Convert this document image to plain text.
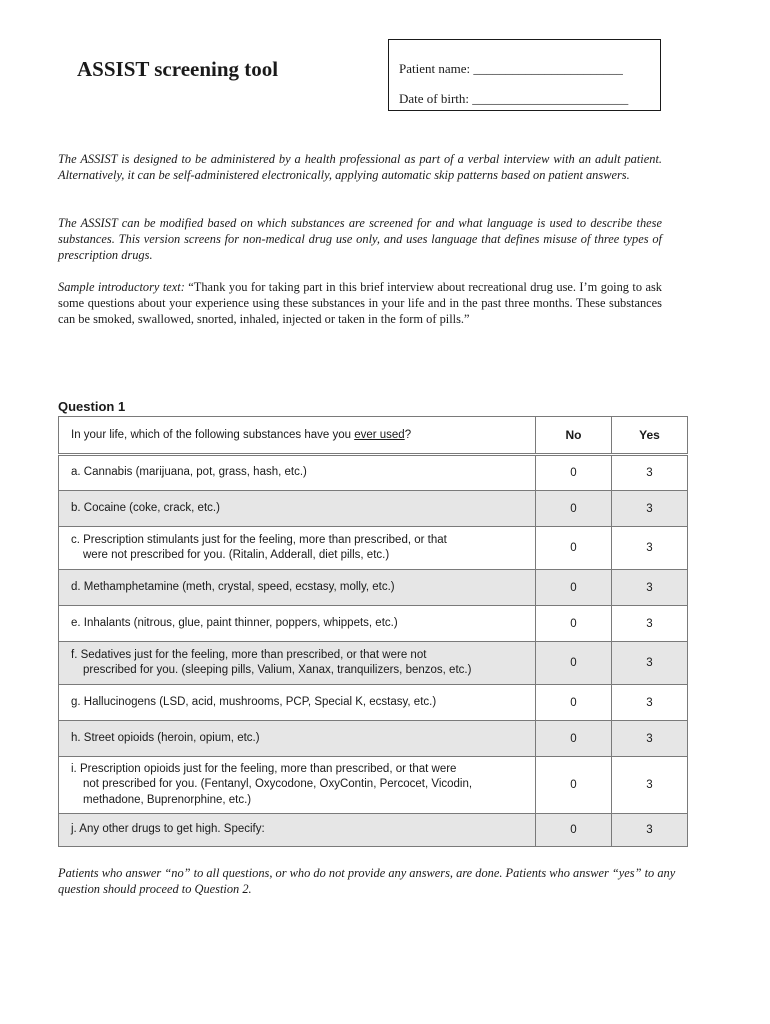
ASSIST screening tool	Patient name: _______________________
Date of birth: ________________________

The ASSIST is designed to be administered by a health professional as part of a verbal interview with an adult patient. Alternatively, it can be self-administered electronically, applying automatic skip patterns based on patient answers.

The ASSIST can be modified based on which substances are screened for and what language is used to describe these substances. This version screens for non-medical drug use only, and uses language that defines misuse of three types of prescription drugs.

Sample introductory text: “Thank you for taking part in this brief interview about recreational drug use. I’m going to ask some questions about your experience using these substances in your life and in the past three months. These substances can be smoked, swallowed, snorted, inhaled, injected or taken in the form of pills.”

Question 1
In your life, which of the following substances have you ever used?	No	Yes

a. Cannabis (marijuana, pot, grass, hash, etc.)	0	3

b. Cocaine (coke, crack, etc.)	0	3

c. Prescription stimulants just for the feeling, more than prescribed, or that
were not prescribed for you. (Ritalin, Adderall, diet pills, etc.)	0	3

d. Methamphetamine (meth, crystal, speed, ecstasy, molly, etc.)	0	3

e. Inhalants (nitrous, glue, paint thinner, poppers, whippets, etc.)	0	3

f. Sedatives just for the feeling, more than prescribed, or that were not
prescribed for you. (sleeping pills, Valium, Xanax, tranquilizers, benzos, etc.)	0	3

g. Hallucinogens (LSD, acid, mushrooms, PCP, Special K, ecstasy, etc.)	0	3

h. Street opioids (heroin, opium, etc.)	0	3

i. Prescription opioids just for the feeling, more than prescribed, or that were
not prescribed for you. (Fentanyl, Oxycodone, OxyContin, Percocet, Vicodin,
methadone, Buprenorphine, etc.)	0	3

j. Any other drugs to get high. Specify:	0	3

Patients who answer “no” to all questions, or who do not provide any answers, are done. Patients who answer “yes” to any question should proceed to Question 2.
